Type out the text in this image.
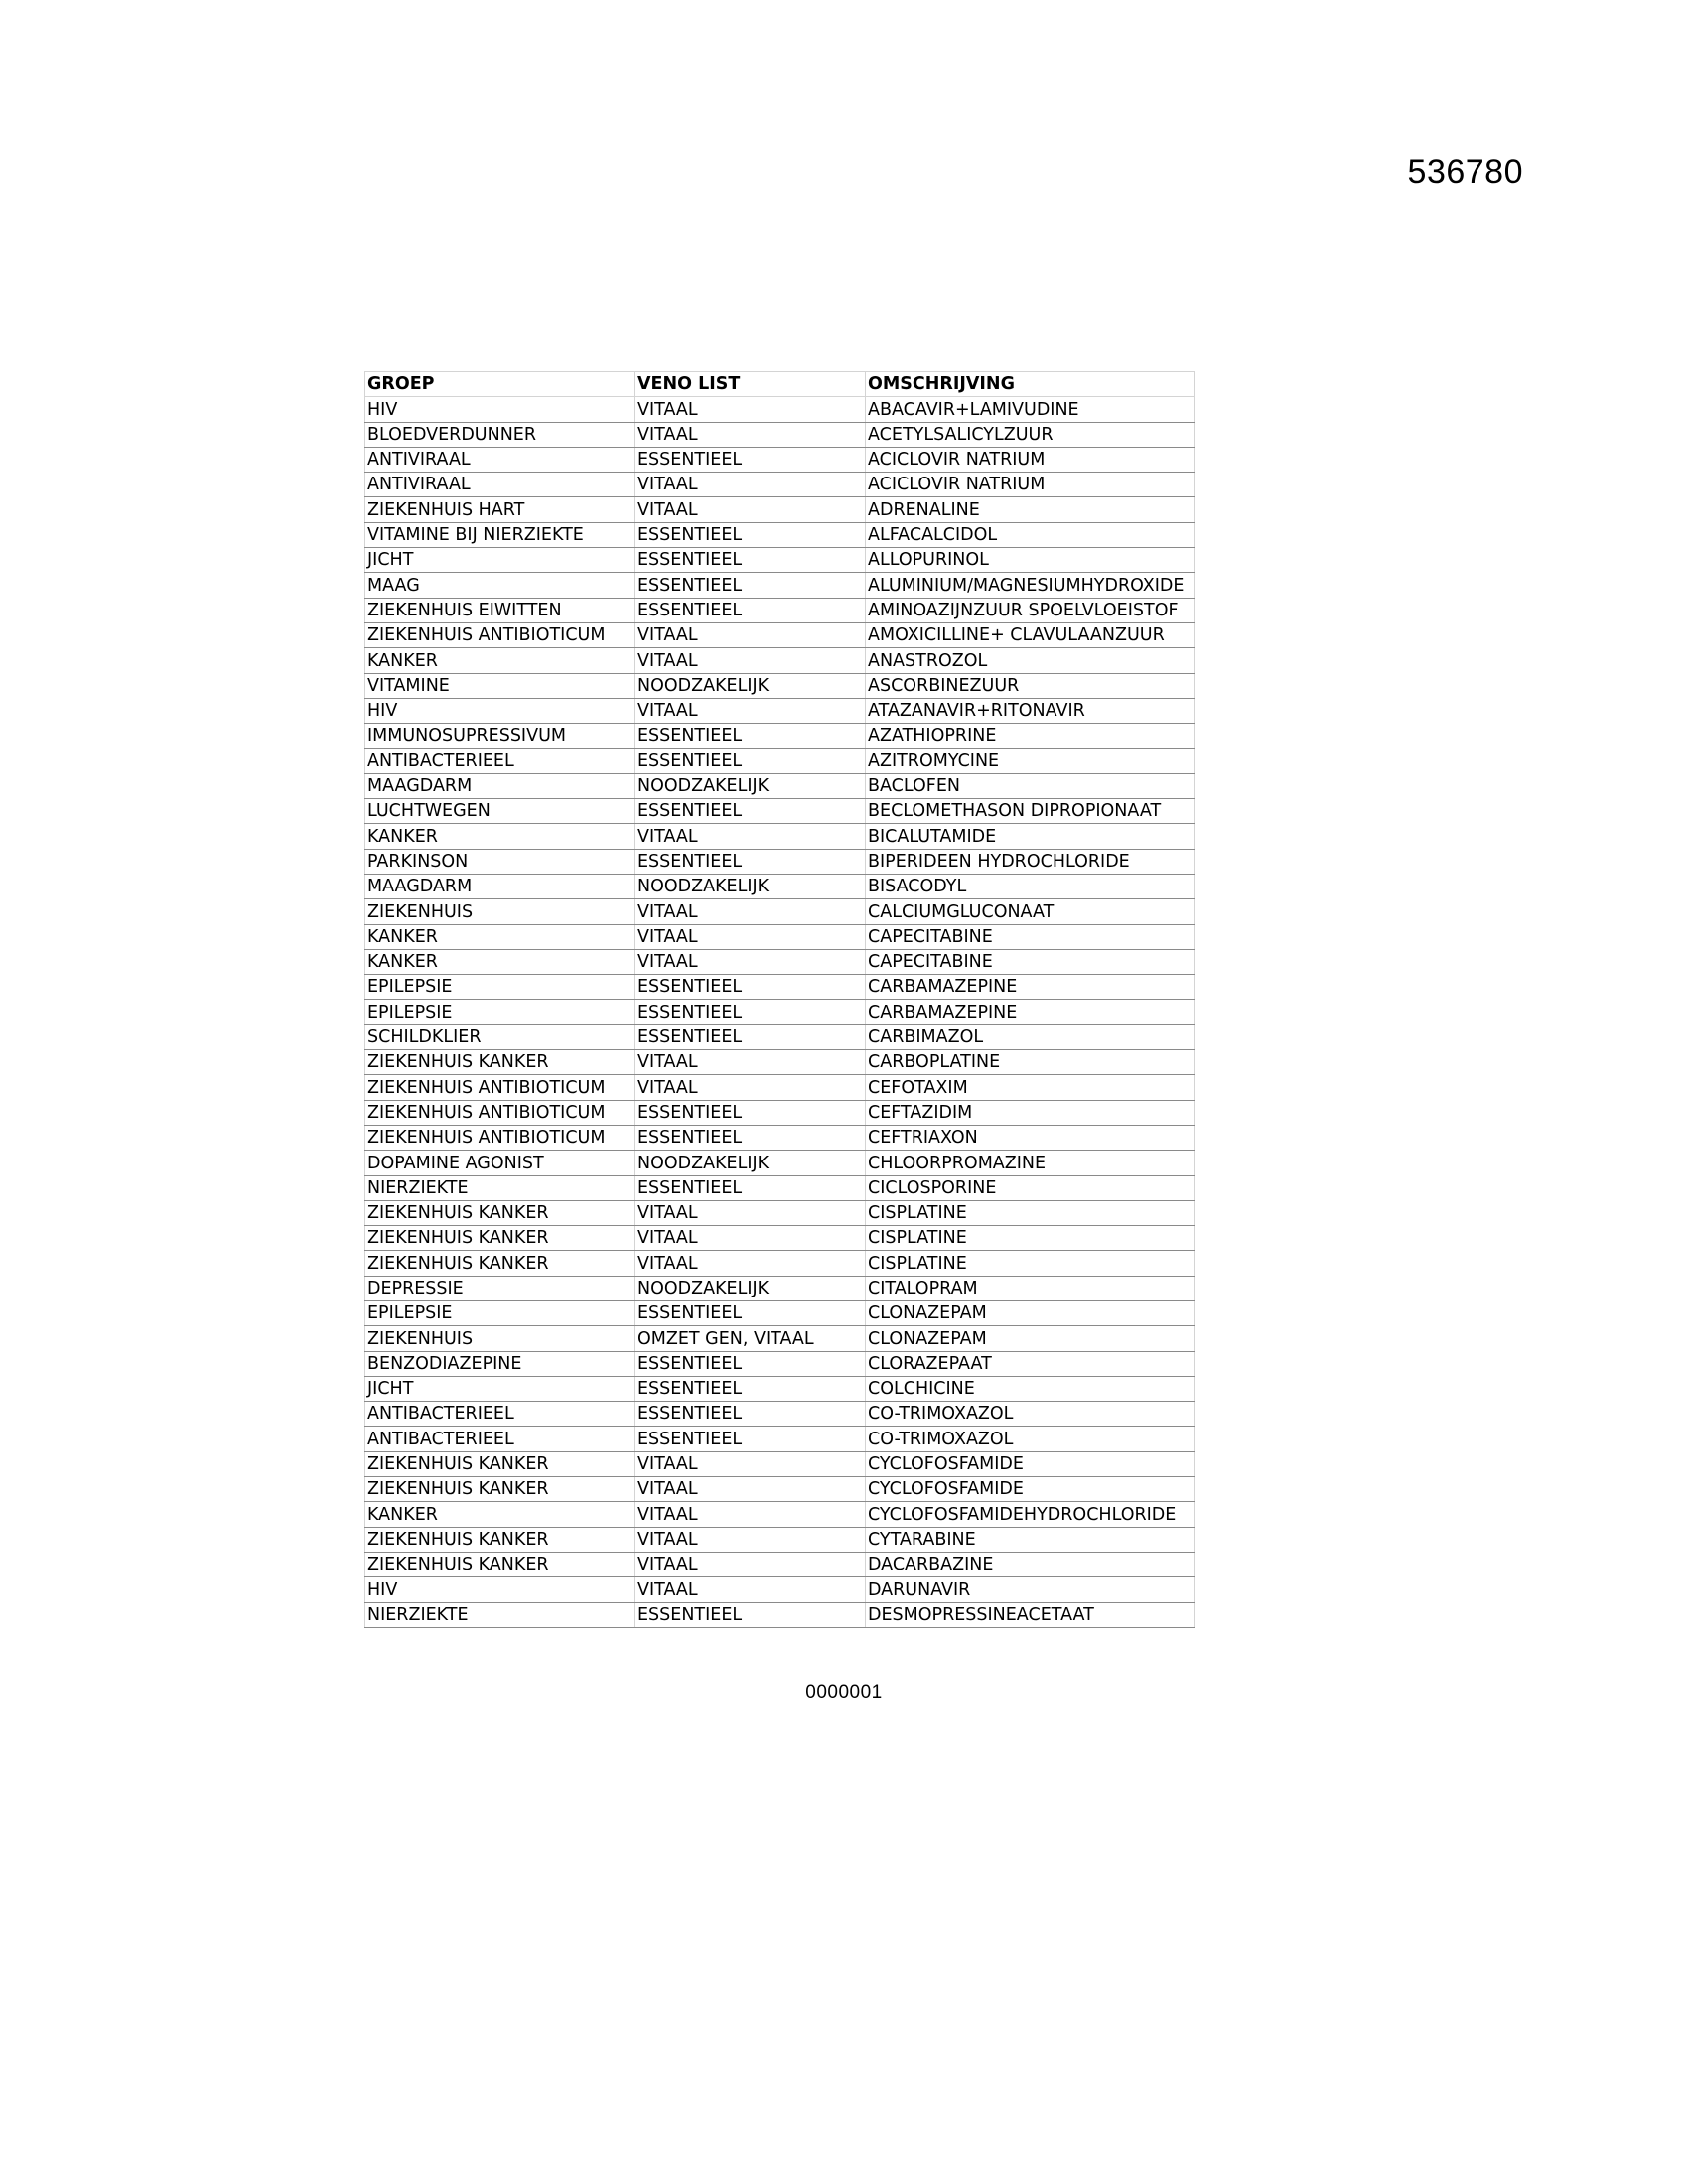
536780
GROEP	VENO LIST	OMSCHRIJVING
HIV	VITAAL	ABACAVIR+LAMIVUDINE
BLOEDVERDUNNER	VITAAL	ACETYLSALICYLZUUR
ANTIVIRAAL	ESSENTIEEL	ACICLOVIR NATRIUM
ANTIVIRAAL	VITAAL	ACICLOVIR NATRIUM
ZIEKENHUIS HART	VITAAL	ADRENALINE
VITAMINE BIJ NIERZIEKTE	ESSENTIEEL	ALFACALCIDOL
JICHT	ESSENTIEEL	ALLOPURINOL
MAAG	ESSENTIEEL	ALUMINIUM/MAGNESIUMHYDROXIDE
ZIEKENHUIS EIWITTEN	ESSENTIEEL	AMINOAZIJNZUUR SPOELVLOEISTOF
ZIEKENHUIS ANTIBIOTICUM	VITAAL	AMOXICILLINE+ CLAVULAANZUUR
KANKER	VITAAL	ANASTROZOL
VITAMINE	NOODZAKELIJK	ASCORBINEZUUR
HIV	VITAAL	ATAZANAVIR+RITONAVIR
IMMUNOSUPRESSIVUM	ESSENTIEEL	AZATHIOPRINE
ANTIBACTERIEEL	ESSENTIEEL	AZITROMYCINE
MAAGDARM	NOODZAKELIJK	BACLOFEN
LUCHTWEGEN	ESSENTIEEL	BECLOMETHASON DIPROPIONAAT
KANKER	VITAAL	BICALUTAMIDE
PARKINSON	ESSENTIEEL	BIPERIDEEN HYDROCHLORIDE
MAAGDARM	NOODZAKELIJK	BISACODYL
ZIEKENHUIS	VITAAL	CALCIUMGLUCONAAT
KANKER	VITAAL	CAPECITABINE
KANKER	VITAAL	CAPECITABINE
EPILEPSIE	ESSENTIEEL	CARBAMAZEPINE
EPILEPSIE	ESSENTIEEL	CARBAMAZEPINE
SCHILDKLIER	ESSENTIEEL	CARBIMAZOL
ZIEKENHUIS KANKER	VITAAL	CARBOPLATINE
ZIEKENHUIS ANTIBIOTICUM	VITAAL	CEFOTAXIM
ZIEKENHUIS ANTIBIOTICUM	ESSENTIEEL	CEFTAZIDIM
ZIEKENHUIS ANTIBIOTICUM	ESSENTIEEL	CEFTRIAXON
DOPAMINE AGONIST	NOODZAKELIJK	CHLOORPROMAZINE
NIERZIEKTE	ESSENTIEEL	CICLOSPORINE
ZIEKENHUIS KANKER	VITAAL	CISPLATINE
ZIEKENHUIS KANKER	VITAAL	CISPLATINE
ZIEKENHUIS KANKER	VITAAL	CISPLATINE
DEPRESSIE	NOODZAKELIJK	CITALOPRAM
EPILEPSIE	ESSENTIEEL	CLONAZEPAM
ZIEKENHUIS	OMZET GEN, VITAAL	CLONAZEPAM
BENZODIAZEPINE	ESSENTIEEL	CLORAZEPAAT
JICHT	ESSENTIEEL	COLCHICINE
ANTIBACTERIEEL	ESSENTIEEL	CO-TRIMOXAZOL
ANTIBACTERIEEL	ESSENTIEEL	CO-TRIMOXAZOL
ZIEKENHUIS KANKER	VITAAL	CYCLOFOSFAMIDE
ZIEKENHUIS KANKER	VITAAL	CYCLOFOSFAMIDE
KANKER	VITAAL	CYCLOFOSFAMIDEHYDROCHLORIDE
ZIEKENHUIS KANKER	VITAAL	CYTARABINE
ZIEKENHUIS KANKER	VITAAL	DACARBAZINE
HIV	VITAAL	DARUNAVIR
NIERZIEKTE	ESSENTIEEL	DESMOPRESSINEACETAAT
0000001
